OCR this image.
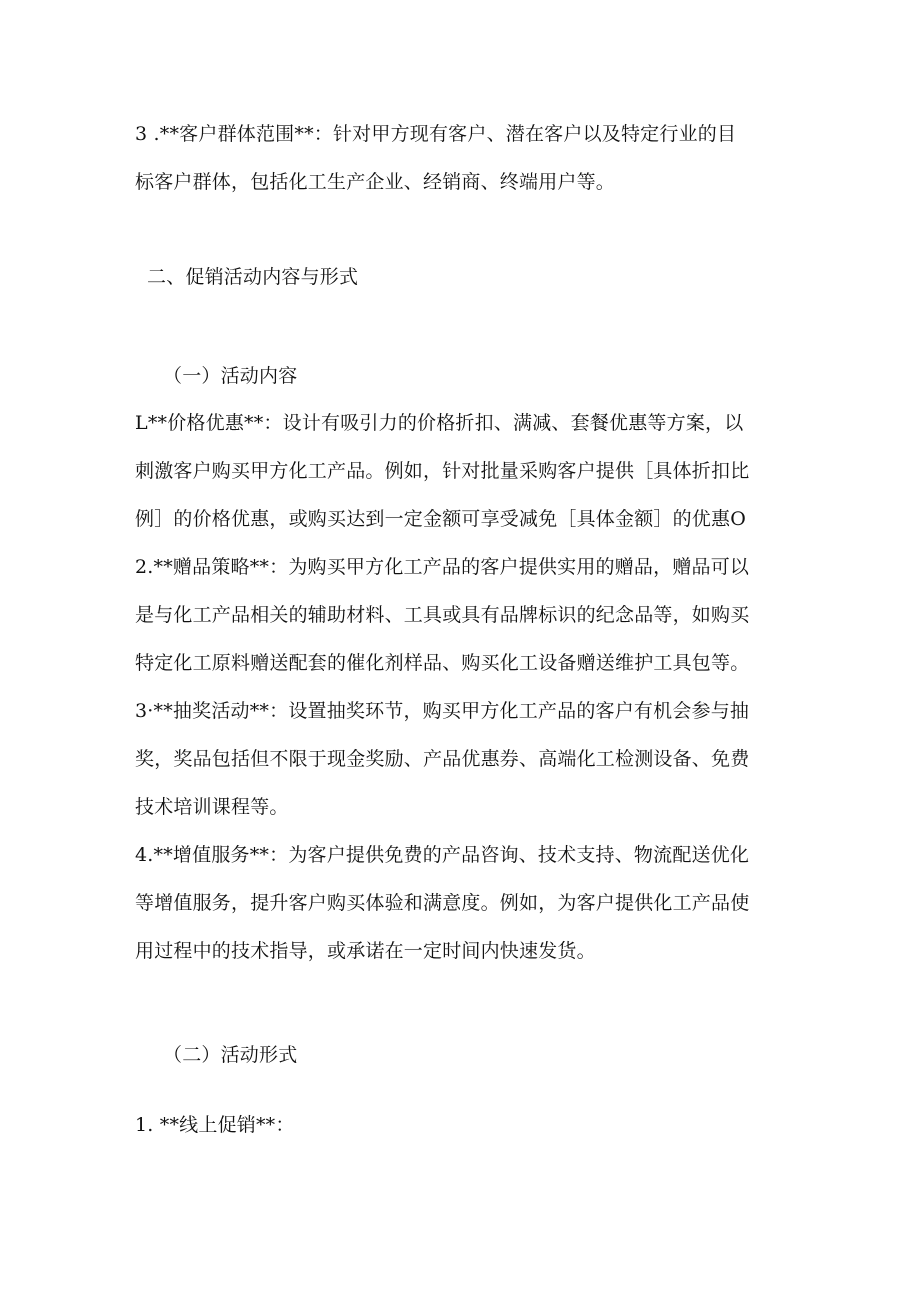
3 .**客户群体范围**：针对甲方现有客户、潜在客户以及特定行业的目
标客户群体，包括化工生产企业、经销商、终端用户等。
二、促销活动内容与形式
（一）活动内容
L**价格优惠**：设计有吸引力的价格折扣、满减、套餐优惠等方案，以
刺激客户购买甲方化工产品。例如，针对批量采购客户提供［具体折扣比
例］的价格优惠，或购买达到一定金额可享受减免［具体金额］的优惠O
2.**赠品策略**：为购买甲方化工产品的客户提供实用的赠品，赠品可以
是与化工产品相关的辅助材料、工具或具有品牌标识的纪念品等，如购买
特定化工原料赠送配套的催化剂样品、购买化工设备赠送维护工具包等。
3·**抽奖活动**：设置抽奖环节，购买甲方化工产品的客户有机会参与抽
奖，奖品包括但不限于现金奖励、产品优惠券、高端化工检测设备、免费
技术培训课程等。
4.**增值服务**：为客户提供免费的产品咨询、技术支持、物流配送优化
等增值服务，提升客户购买体验和满意度。例如，为客户提供化工产品使
用过程中的技术指导，或承诺在一定时间内快速发货。
（二）活动形式
1. **线上促销**：
